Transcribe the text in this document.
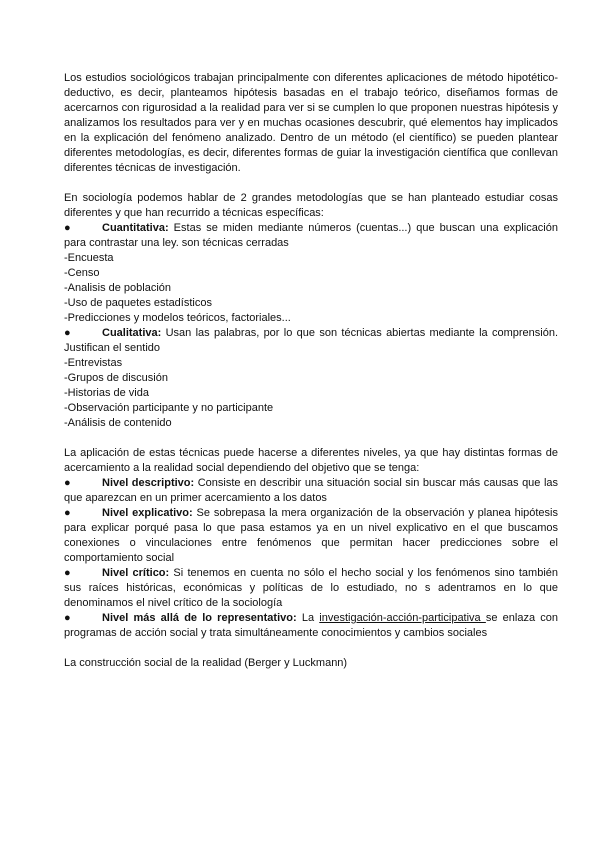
Los estudios sociológicos trabajan principalmente con diferentes aplicaciones de método hipotético-deductivo, es decir, planteamos hipótesis basadas en el trabajo teórico, diseñamos formas de acercarnos con rigurosidad a la realidad para ver si se cumplen lo que proponen nuestras hipótesis y analizamos los resultados para ver y en muchas ocasiones descubrir, qué elementos hay implicados en la explicación del fenómeno analizado. Dentro de un método (el científico) se pueden plantear diferentes metodologías, es decir, diferentes formas de guiar la investigación científica que conllevan diferentes técnicas de investigación.

En sociología podemos hablar de 2 grandes metodologías que se han planteado estudiar cosas diferentes y que han recurrido a técnicas específicas:

●	Cuantitativa: Estas se miden mediante números (cuentas...) que buscan una explicación para contrastar una ley. son técnicas cerradas

-Encuesta

-Censo

-Analisis de población

-Uso de paquetes estadísticos

-Predicciones y modelos teóricos, factoriales...

●	Cualitativa: Usan las palabras, por lo que son técnicas abiertas mediante la comprensión. Justifican el sentido

-Entrevistas

-Grupos de discusión

-Historias de vida

-Observación participante y no participante

-Análisis de contenido

La aplicación de estas técnicas puede hacerse a diferentes niveles, ya que hay distintas formas de acercamiento a la realidad social dependiendo del objetivo que se tenga:

●	Nivel descriptivo: Consiste en describir una situación social sin buscar más causas que las que aparezcan en un primer acercamiento a los datos

●	Nivel explicativo: Se sobrepasa la mera organización de la observación y planea hipótesis para explicar porqué pasa lo que pasa estamos ya en un nivel explicativo en el que buscamos conexiones o vinculaciones entre fenómenos que permitan hacer predicciones sobre el comportamiento social

●	Nivel crítico: Si tenemos en cuenta no sólo el hecho social y los fenómenos sino también sus raíces históricas, económicas y políticas de lo estudiado, no s adentramos en lo que denominamos el nivel crítico de la sociología

●	Nivel más allá de lo representativo: La investigación-acción-participativa se enlaza con programas de acción social y trata simultáneamente conocimientos y cambios sociales

La construcción social de la realidad (Berger y Luckmann)
